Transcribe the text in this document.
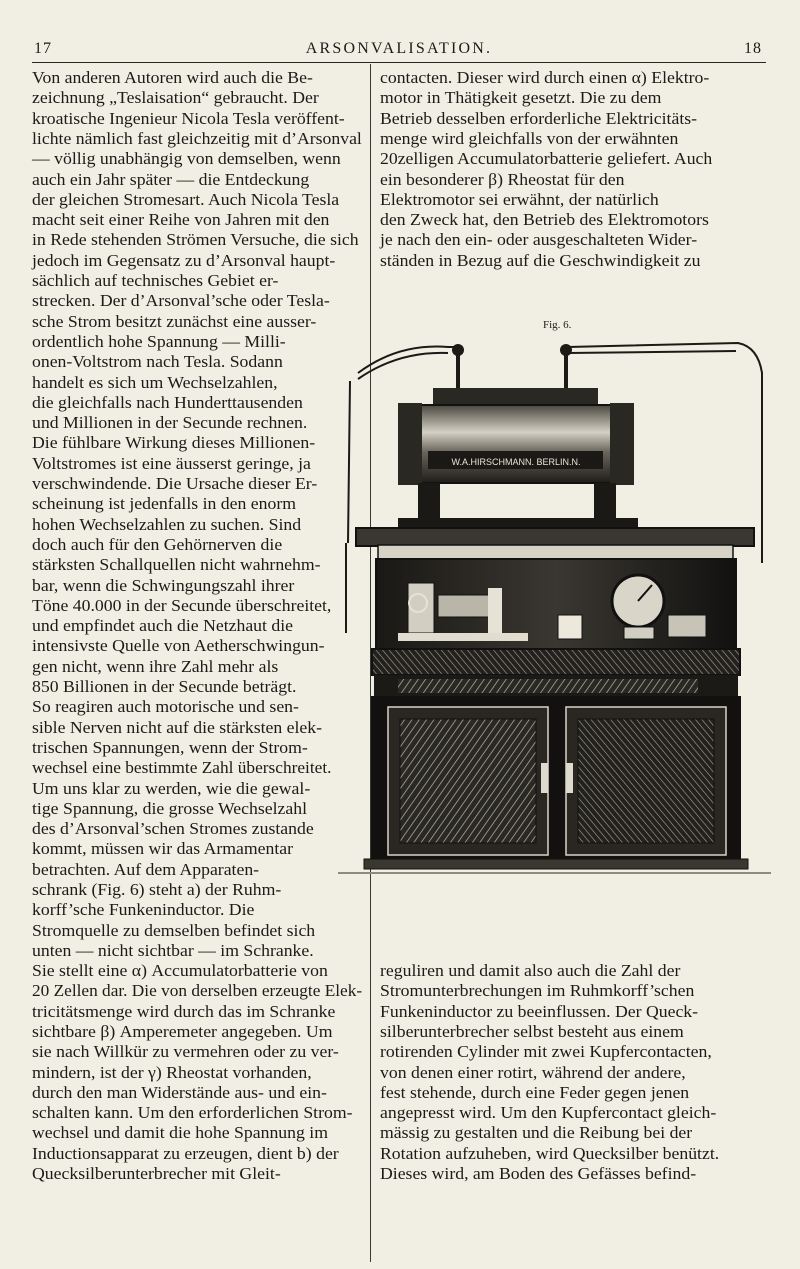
17	ARSONVALISATION.	18
Von anderen Autoren wird auch die Be-
zeichnung „Teslaisation“ gebraucht. Der
kroatische Ingenieur Nicola Tesla veröffent-
lichte nämlich fast gleichzeitig mit d’Arsonval
— völlig unabhängig von demselben, wenn
auch ein Jahr später — die Entdeckung
der gleichen Stromesart. Auch Nicola Tesla
macht seit einer Reihe von Jahren mit den
in Rede stehenden Strömen Versuche, die sich
jedoch im Gegensatz zu d’Arsonval haupt-
sächlich auf technisches Gebiet er-
strecken. Der d’Arsonval’sche oder Tesla-
sche Strom besitzt zunächst eine ausser-
ordentlich hohe Spannung — Milli-
onen-Voltstrom nach Tesla. Sodann
handelt es sich um Wechselzahlen,
die gleichfalls nach Hunderttausenden
und Millionen in der Secunde rechnen.
Die fühlbare Wirkung dieses Millionen-
Voltstromes ist eine äusserst geringe, ja
verschwindende. Die Ursache dieser Er-
scheinung ist jedenfalls in den enorm
hohen Wechselzahlen zu suchen. Sind
doch auch für den Gehörnerven die
stärksten Schallquellen nicht wahrnehm-
bar, wenn die Schwingungszahl ihrer
Töne 40.000 in der Secunde überschreitet,
und empfindet auch die Netzhaut die
intensivste Quelle von Aetherschwingun-
gen nicht, wenn ihre Zahl mehr als
850 Billionen in der Secunde beträgt.
So reagiren auch motorische und sen-
sible Nerven nicht auf die stärksten elek-
trischen Spannungen, wenn der Strom-
wechsel eine bestimmte Zahl überschreitet.
Um uns klar zu werden, wie die gewal-
tige Spannung, die grosse Wechselzahl
des d’Arsonval’schen Stromes zustande
kommt, müssen wir das Armamentar
betrachten. Auf dem Apparaten-
schrank (Fig. 6) steht a) der Ruhm-
korff’sche Funkeninductor. Die
Stromquelle zu demselben befindet sich
unten — nicht sichtbar — im Schranke.
Sie stellt eine α) Accumulatorbatterie von
20 Zellen dar. Die von derselben erzeugte Elek-
tricitätsmenge wird durch das im Schranke
sichtbare β) Amperemeter angegeben. Um
sie nach Willkür zu vermehren oder zu ver-
mindern, ist der γ) Rheostat vorhanden,
durch den man Widerstände aus- und ein-
schalten kann. Um den erforderlichen Strom-
wechsel und damit die hohe Spannung im
Inductionsapparat zu erzeugen, dient b) der
Quecksilberunterbrecher mit Gleit-
contacten. Dieser wird durch einen α) Elektro-
motor in Thätigkeit gesetzt. Die zu dem
Betrieb desselben erforderliche Elektricitäts-
menge wird gleichfalls von der erwähnten
20zelligen Accumulatorbatterie geliefert. Auch
ein besonderer β) Rheostat für den
Elektromotor sei erwähnt, der natürlich
den Zweck hat, den Betrieb des Elektromotors
je nach den ein- oder ausgeschalteten Wider-
ständen in Bezug auf die Geschwindigkeit zu
reguliren und damit also auch die Zahl der
Stromunterbrechungen im Ruhmkorff’schen
Funkeninductor zu beeinflussen. Der Queck-
silberunterbrecher selbst besteht aus einem
rotirenden Cylinder mit zwei Kupfercontacten,
von denen einer rotirt, während der andere,
fest stehende, durch eine Feder gegen jenen
angepresst wird. Um den Kupfercontact gleich-
mässig zu gestalten und die Reibung bei der
Rotation aufzuheben, wird Quecksilber benützt.
Dieses wird, am Boden des Gefässes befind-
Fig. 6.
W.A.HIRSCHMANN. BERLIN.N.
